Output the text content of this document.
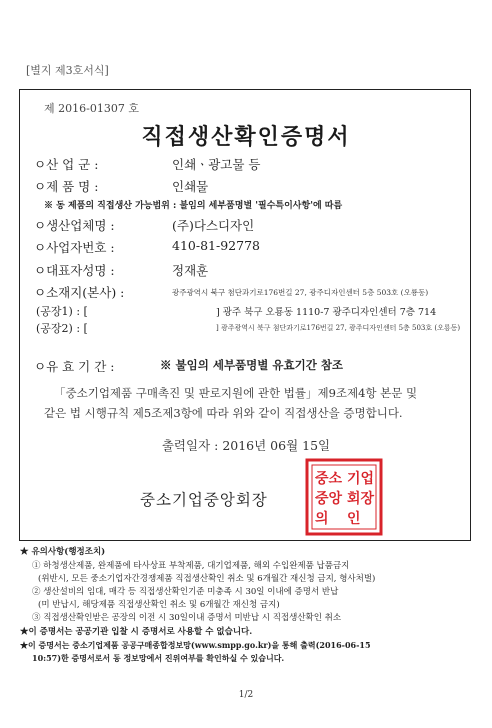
[별지 제3호서식]
제 2016-01307 호
직접생산확인증명서
ㅇ산 업 군 :	인쇄ㆍ광고물 등
ㅇ제 품 명 :	인쇄물
※ 동 제품의 직접생산 가능범위 : 불임의 세부품명별 '필수특이사항'에 따름
ㅇ생산업체명 :	(주)다스디자인
ㅇ사업자번호 :	410-81-92778
ㅇ대표자성명 :	정재훈
ㅇ소재지(본사) :	광주광역시 북구 첨단과기로176번길 27, 광주디자인센터 5층 503호 (오룡동)
(공장1) : [	] 광주 북구 오룡동 1110-7 광주디자인센터 7층 714
(공장2) : [	] 광주광역시 북구 첨단과기로176번길 27, 광주디자인센터 5층 503호 (오룡동)
ㅇ유 효 기 간 :	※ 불임의 세부품명별 유효기간 참조
「중소기업제품 구매촉진 및 판로지원에 관한 법률」제9조제4항 본문 및
같은 법 시행규칙 제5조제3항에 따라 위와 같이 직접생산을 증명합니다.
출력일자 : 2016년 06월 15일
중소기업중앙회장
중소 기업
중앙 회장
의 인
★ 유의사항(행정조치)
① 하청생산제품, 완제품에 타사상표 부착제품, 대기업제품, 해외 수입완제품 납품금지
(위반시, 모든 중소기업자간경쟁제품 직접생산확인 취소 및 6개월간 재신청 금지, 형사처벌)
② 생산설비의 임대, 매각 등 직접생산확인기준 미충족 시 30일 이내에 증명서 반납
(미 반납시, 해당제품 직접생산확인 취소 및 6개월간 재신청 금지)
③ 직접생산확인받은 공장의 이전 시 30일이내 증명서 미반납 시 직접생산확인 취소
★이 증명서는 공공기관 입찰 시 증명서로 사용할 수 없습니다.
★이 증명서는 중소기업제품 공공구매종합정보망(www.smpp.go.kr)을 통해 출력(2016-06-15
10:57)한 증명서로서 동 정보망에서 진위여부를 확인하실 수 있습니다.
1/2
